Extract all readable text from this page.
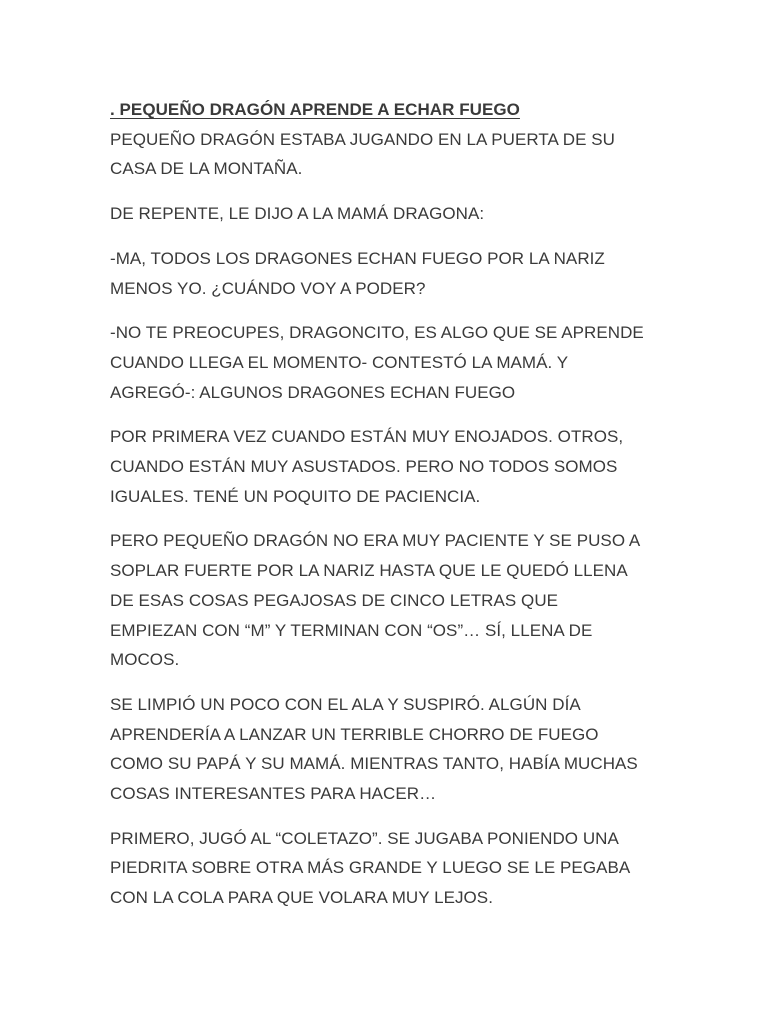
. PEQUEÑO DRAGÓN APRENDE A ECHAR FUEGO

PEQUEÑO DRAGÓN ESTABA JUGANDO EN LA PUERTA DE SU
CASA DE LA MONTAÑA.

DE REPENTE, LE DIJO A LA MAMÁ DRAGONA:

-MA, TODOS LOS DRAGONES ECHAN FUEGO POR LA NARIZ
MENOS YO. ¿CUÁNDO VOY A PODER?

-NO TE PREOCUPES, DRAGONCITO, ES ALGO QUE SE APRENDE
CUANDO LLEGA EL MOMENTO- CONTESTÓ LA MAMÁ. Y
AGREGÓ-: ALGUNOS DRAGONES ECHAN FUEGO

POR PRIMERA VEZ CUANDO ESTÁN MUY ENOJADOS. OTROS,
CUANDO ESTÁN MUY ASUSTADOS. PERO NO TODOS SOMOS
IGUALES. TENÉ UN POQUITO DE PACIENCIA.

PERO PEQUEÑO DRAGÓN NO ERA MUY PACIENTE Y SE PUSO A
SOPLAR FUERTE POR LA NARIZ HASTA QUE LE QUEDÓ LLENA
DE ESAS COSAS PEGAJOSAS DE CINCO LETRAS QUE
EMPIEZAN CON “M” Y TERMINAN CON “OS”… SÍ, LLENA DE
MOCOS.

SE LIMPIÓ UN POCO CON EL ALA Y SUSPIRÓ. ALGÚN DÍA
APRENDERÍA A LANZAR UN TERRIBLE CHORRO DE FUEGO
COMO SU PAPÁ Y SU MAMÁ. MIENTRAS TANTO, HABÍA MUCHAS
COSAS INTERESANTES PARA HACER…

PRIMERO, JUGÓ AL “COLETAZO”. SE JUGABA PONIENDO UNA
PIEDRITA SOBRE OTRA MÁS GRANDE Y LUEGO SE LE PEGABA
CON LA COLA PARA QUE VOLARA MUY LEJOS.
